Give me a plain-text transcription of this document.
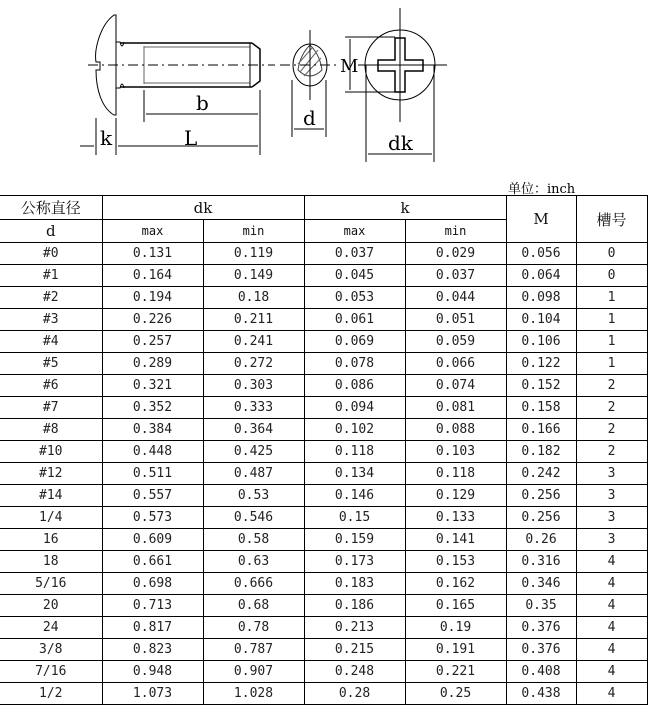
b
L
k
d
M
dk
单位：inch
公称直径	dk		k		M	槽号
d	max	min	max	min		
#0	0.131	0.119	0.037	0.029	0.056	0
#1	0.164	0.149	0.045	0.037	0.064	0
#2	0.194	0.18	0.053	0.044	0.098	1
#3	0.226	0.211	0.061	0.051	0.104	1
#4	0.257	0.241	0.069	0.059	0.106	1
#5	0.289	0.272	0.078	0.066	0.122	1
#6	0.321	0.303	0.086	0.074	0.152	2
#7	0.352	0.333	0.094	0.081	0.158	2
#8	0.384	0.364	0.102	0.088	0.166	2
#10	0.448	0.425	0.118	0.103	0.182	2
#12	0.511	0.487	0.134	0.118	0.242	3
#14	0.557	0.53	0.146	0.129	0.256	3
1/4	0.573	0.546	0.15	0.133	0.256	3
16	0.609	0.58	0.159	0.141	0.26	3
18	0.661	0.63	0.173	0.153	0.316	4
5/16	0.698	0.666	0.183	0.162	0.346	4
20	0.713	0.68	0.186	0.165	0.35	4
24	0.817	0.78	0.213	0.19	0.376	4
3/8	0.823	0.787	0.215	0.191	0.376	4
7/16	0.948	0.907	0.248	0.221	0.408	4
1/2	1.073	1.028	0.28	0.25	0.438	4
